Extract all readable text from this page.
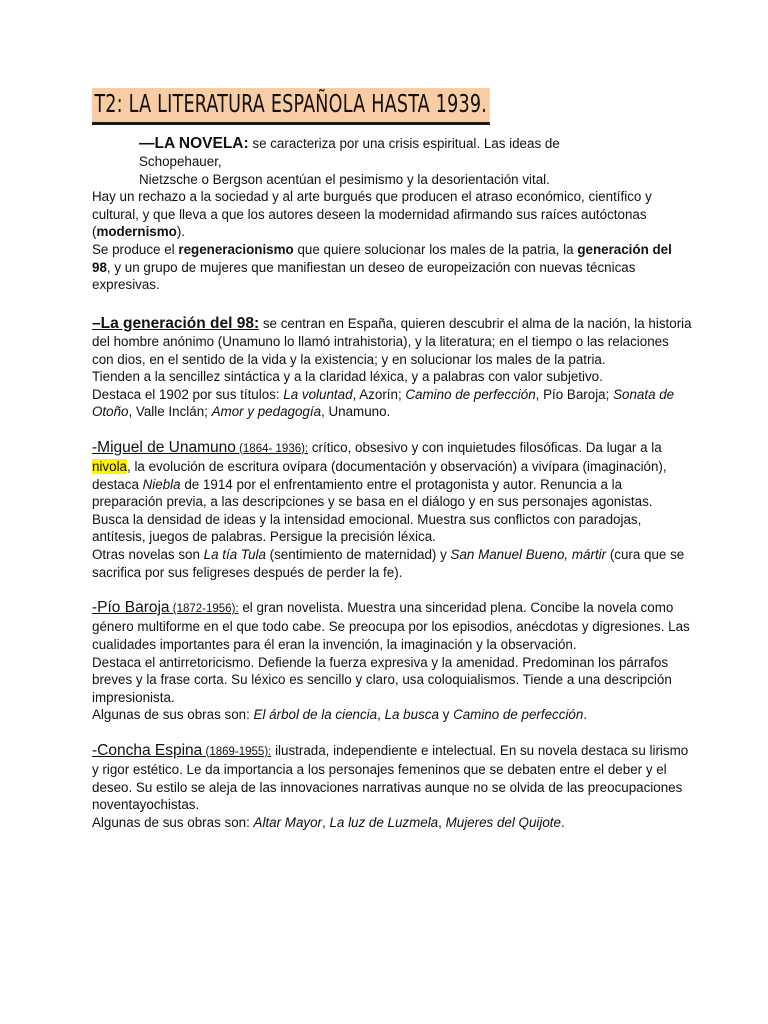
T2: LA LITERATURA ESPAÑOLA HASTA 1939.

—LA NOVELA: se caracteriza por una crisis espiritual. Las ideas de

Schopehauer,

Nietzsche o Bergson acentúan el pesimismo y la desorientación vital.

Hay un rechazo a la sociedad y al arte burgués que producen el atraso económico, científico y cultural, y que lleva a que los autores deseen la modernidad afirmando sus raíces autóctonas (modernismo).

Se produce el regeneracionismo que quiere solucionar los males de la patria, la generación del 98, y un grupo de mujeres que manifiestan un deseo de europeización con nuevas técnicas expresivas.

–La generación del 98: se centran en España, quieren descubrir el alma de la nación, la historia del hombre anónimo (Unamuno lo llamó intrahistoria), y la literatura; en el tiempo o las relaciones con dios, en el sentido de la vida y la existencia; y en solucionar los males de la patria.

Tienden a la sencillez sintáctica y a la claridad léxica, y a palabras con valor subjetivo.

Destaca el 1902 por sus títulos: La voluntad, Azorín; Camino de perfección, Pío Baroja; Sonata de Otoño, Valle Inclán; Amor y pedagogía, Unamuno.

-Miguel de Unamuno (1864- 1936): crítico, obsesivo y con inquietudes filosóficas. Da lugar a la nivola, la evolución de escritura ovípara (documentación y observación) a vivípara (imaginación), destaca Niebla de 1914 por el enfrentamiento entre el protagonista y autor. Renuncia a la preparación previa, a las descripciones y se basa en el diálogo y en sus personajes agonistas. Busca la densidad de ideas y la intensidad emocional. Muestra sus conflictos con paradojas, antítesis, juegos de palabras. Persigue la precisión léxica.

Otras novelas son La tía Tula (sentimiento de maternidad) y San Manuel Bueno, mártir (cura que se sacrifica por sus feligreses después de perder la fe).

-Pío Baroja (1872-1956): el gran novelista. Muestra una sinceridad plena. Concibe la novela como género multiforme en el que todo cabe. Se preocupa por los episodios, anécdotas y digresiones. Las cualidades importantes para él eran la invención, la imaginación y la observación.

Destaca el antirretoricismo. Defiende la fuerza expresiva y la amenidad. Predominan los párrafos breves y la frase corta. Su léxico es sencillo y claro, usa coloquialismos. Tiende a una descripción impresionista.

Algunas de sus obras son: El árbol de la ciencia, La busca y Camino de perfección.

-Concha Espina (1869-1955): ilustrada, independiente e intelectual. En su novela destaca su lirismo y rigor estético. Le da importancia a los personajes femeninos que se debaten entre el deber y el deseo. Su estilo se aleja de las innovaciones narrativas aunque no se olvida de las preocupaciones noventayochistas.

Algunas de sus obras son: Altar Mayor, La luz de Luzmela, Mujeres del Quijote.
